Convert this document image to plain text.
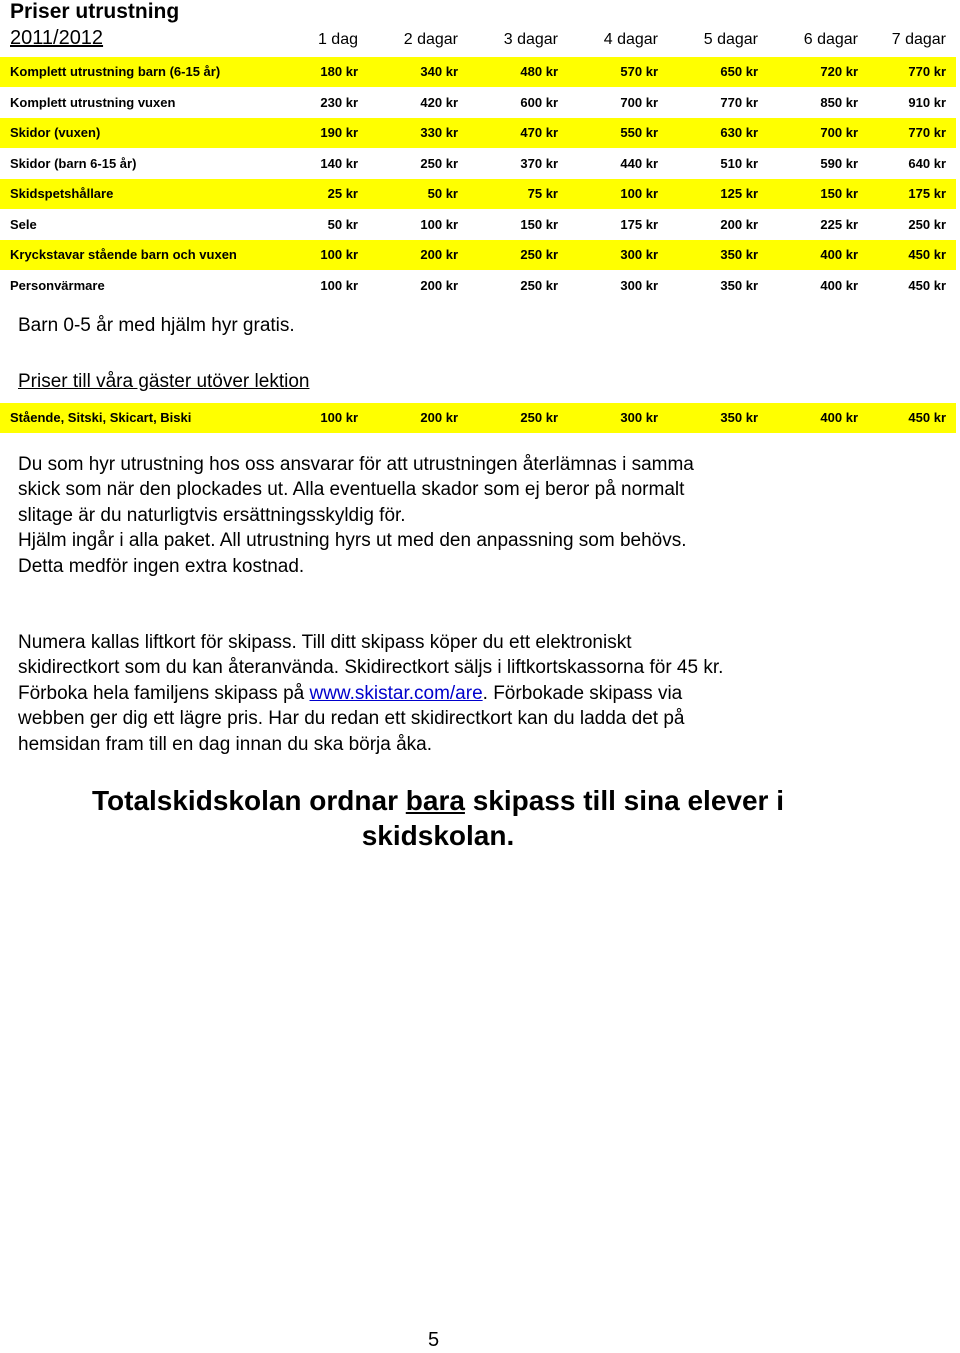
Priser utrustning
2011/2012	1 dag	2 dagar	3 dagar	4 dagar	5 dagar	6 dagar	7 dagar
Komplett utrustning barn (6-15 år)	180 kr	340 kr	480 kr	570 kr	650 kr	720 kr	770 kr
Komplett utrustning vuxen	230 kr	420 kr	600 kr	700 kr	770 kr	850 kr	910 kr
Skidor (vuxen)	190 kr	330 kr	470 kr	550 kr	630 kr	700 kr	770 kr
Skidor (barn 6-15 år)	140 kr	250 kr	370 kr	440 kr	510 kr	590 kr	640 kr
Skidspetshållare	25 kr	50 kr	75 kr	100 kr	125 kr	150 kr	175 kr
Sele	50 kr	100 kr	150 kr	175 kr	200 kr	225 kr	250 kr
Kryckstavar stående barn och vuxen	100 kr	200 kr	250 kr	300 kr	350 kr	400 kr	450 kr
Personvärmare	100 kr	200 kr	250 kr	300 kr	350 kr	400 kr	450 kr
Barn 0-5 år med hjälm hyr gratis.
Priser till våra gäster utöver lektion
Stående, Sitski, Skicart, Biski	100 kr	200 kr	250 kr	300 kr	350 kr	400 kr	450 kr

Du som hyr utrustning hos oss ansvarar för att utrustningen återlämnas i samma

skick som när den plockades ut. Alla eventuella skador som ej beror på normalt

slitage är du naturligtvis ersättningsskyldig för.

Hjälm ingår i alla paket. All utrustning hyrs ut med den anpassning som behövs.

Detta medför ingen extra kostnad.

Numera kallas liftkort för skipass. Till ditt skipass köper du ett elektroniskt

skidirectkort som du kan återanvända. Skidirectkort säljs i liftkortskassorna för 45 kr.

Förboka hela familjens skipass på www.skistar.com/are. Förbokade skipass via

webben ger dig ett lägre pris. Har du redan ett skidirectkort kan du ladda det på

hemsidan fram till en dag innan du ska börja åka.

Totalskidskolan ordnar bara skipass till sina elever i
skidskolan.
5
